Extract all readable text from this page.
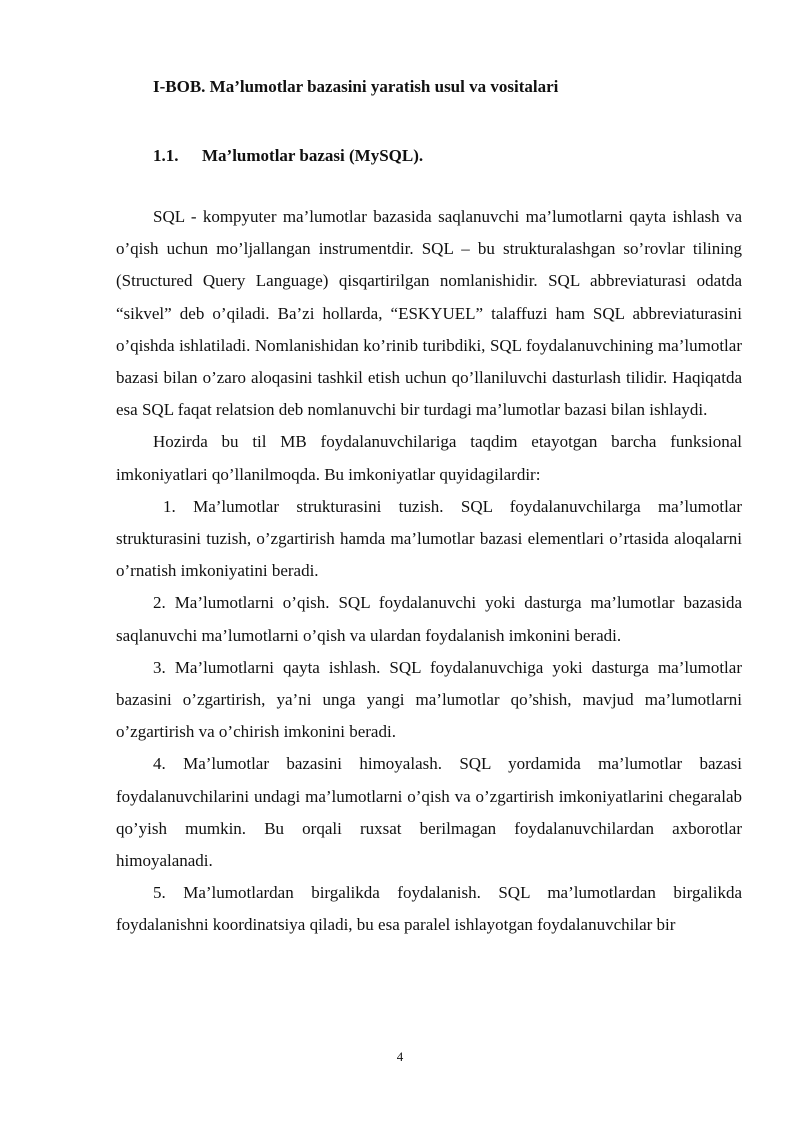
I-BOB. Ma’lumotlar bazasini yaratish usul va vositalari
1.1. Ma’lumotlar bazasi (MySQL).

SQL - kompyuter ma’lumotlar bazasida saqlanuvchi ma’lumotlarni qayta ishlash va o’qish uchun mo’ljallangan instrumentdir. SQL – bu strukturalashgan so’rovlar tilining (Structured Query Language) qisqartirilgan nomlanishidir. SQL abbreviaturasi odatda “sikvel” deb o’qiladi. Ba’zi hollarda, “ESKYUEL” talaffuzi ham SQL abbreviaturasini o’qishda ishlatiladi. Nomlanishidan ko’rinib turibdiki, SQL foydalanuvchining ma’lumotlar bazasi bilan o’zaro aloqasini tashkil etish uchun qo’llaniluvchi dasturlash tilidir. Haqiqatda esa SQL faqat relatsion deb nomlanuvchi bir turdagi ma’lumotlar bazasi bilan ishlaydi.

Hozirda bu til MB foydalanuvchilariga taqdim etayotgan barcha funksional imkoniyatlari qo’llanilmoqda. Bu imkoniyatlar quyidagilardir:

1. Ma’lumotlar strukturasini tuzish. SQL foydalanuvchilarga ma’lumotlar strukturasini tuzish, o’zgartirish hamda ma’lumotlar bazasi elementlari o’rtasida aloqalarni o’rnatish imkoniyatini beradi.

2. Ma’lumotlarni o’qish. SQL foydalanuvchi yoki dasturga ma’lumotlar bazasida saqlanuvchi ma’lumotlarni o’qish va ulardan foydalanish imkonini beradi.

3. Ma’lumotlarni qayta ishlash. SQL foydalanuvchiga yoki dasturga ma’lumotlar bazasini o’zgartirish, ya’ni unga yangi ma’lumotlar qo’shish, mavjud ma’lumotlarni o’zgartirish va o’chirish imkonini beradi.

4. Ma’lumotlar bazasini himoyalash. SQL yordamida ma’lumotlar bazasi foydalanuvchilarini undagi ma’lumotlarni o’qish va o’zgartirish imkoniyatlarini chegaralab qo’yish mumkin. Bu orqali ruxsat berilmagan foydalanuvchilardan axborotlar himoyalanadi.

5. Ma’lumotlardan birgalikda foydalanish. SQL ma’lumotlardan birgalikda foydalanishni koordinatsiya qiladi, bu esa paralel ishlayotgan foydalanuvchilar bir

4
